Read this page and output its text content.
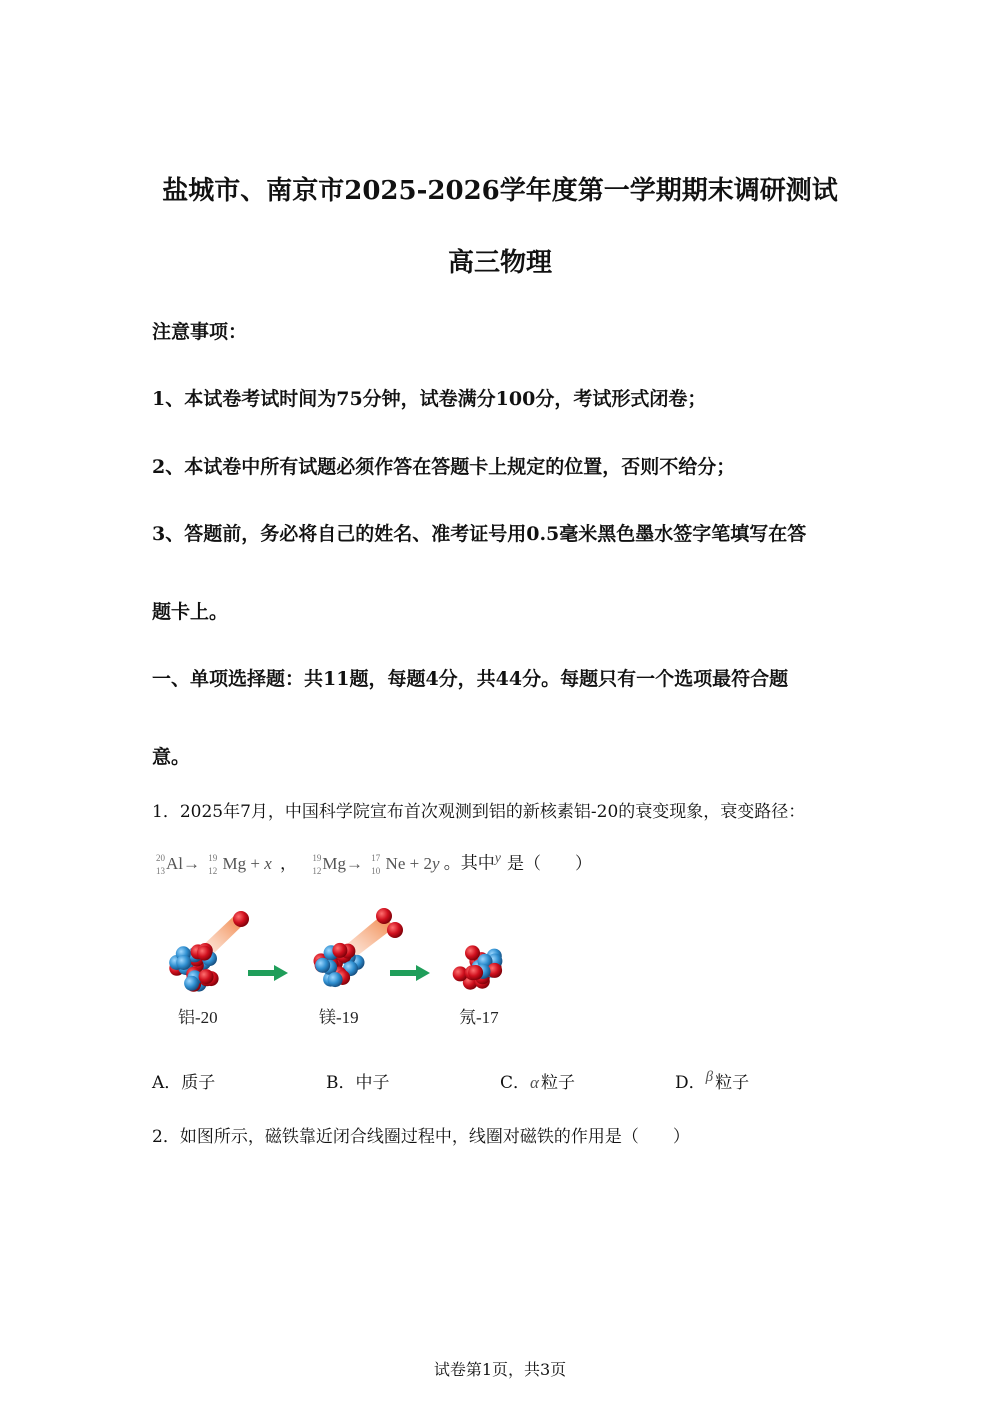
盐城市、南京市2025-2026学年度第一学期期末调研测试
高三物理
注意事项：
1、本试卷考试时间为75分钟，试卷满分100分，考试形式闭卷；
2、本试卷中所有试题必须作答在答题卡上规定的位置，否则不给分；
3、答题前，务必将自己的姓名、准考证号用0.5毫米黑色墨水签字笔填写在答
题卡上。
一、单项选择题：共11题，每题4分，共44分。每题只有一个选项最符合题
意。
1．2025年7月，中国科学院宣布首次观测到铝的新核素铝-20的衰变现象，衰变路径：
20
13 Al→ 19
12 Mg + x ， 19
12 Mg→ 17
10 Ne + 2y 。其中$^y$ 是（　　）
铝-20	镁-19	氖-17
A．质子	B．中子	C．α 粒子	D．$^\beta$ 粒子
2．如图所示，磁铁靠近闭合线圈过程中，线圈对磁铁的作用是（　　）
试卷第1页，共3页
